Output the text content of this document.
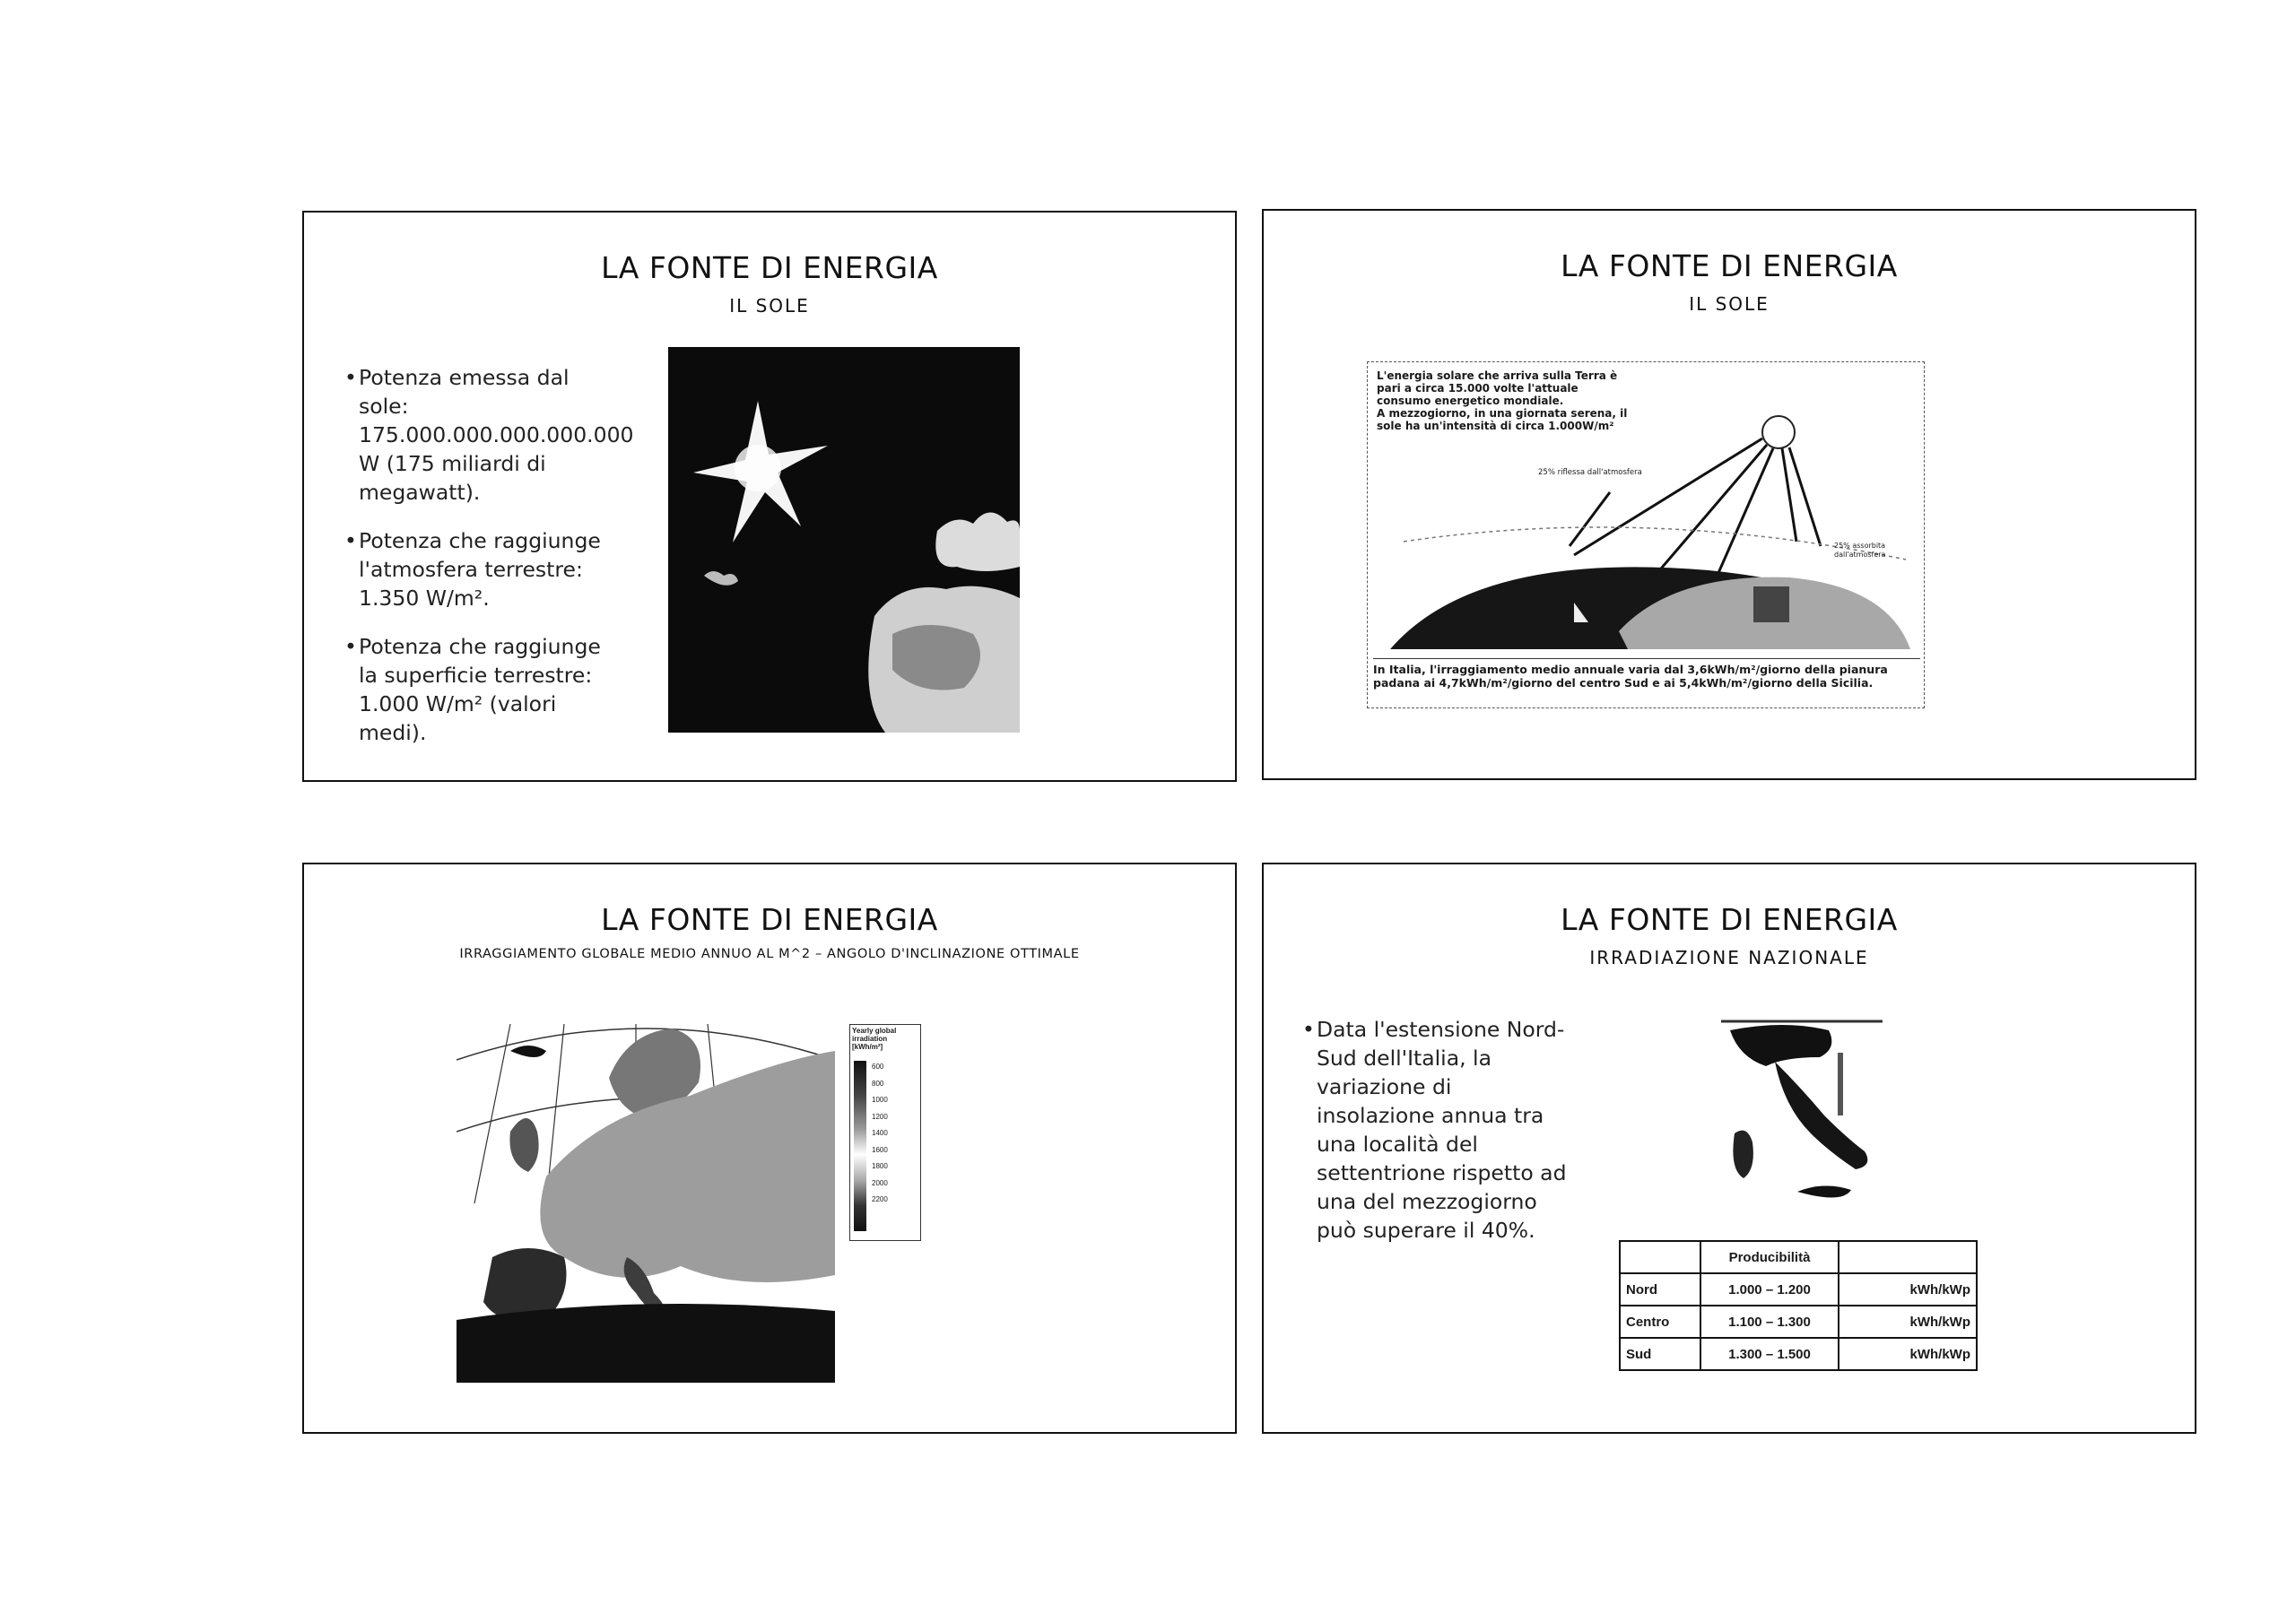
LA FONTE DI ENERGIA
IL SOLE
• Potenza emessa dal sole: 175.000.000.000.000.000 W (175 miliardi di megawatt).
• Potenza che raggiunge l'atmosfera terrestre: 1.350 W/m².
• Potenza che raggiunge la superficie terrestre: 1.000 W/m² (valori medi).
LA FONTE DI ENERGIA
IL SOLE
L'energia solare che arriva sulla Terra è
pari a circa 15.000 volte l'attuale
consumo energetico mondiale.
A mezzogiorno, in una giornata serena, il
sole ha un'intensità di circa 1.000W/m²
25% riflessa dall'atmosfera
25% assorbita dall'atmosfera
In Italia, l'irraggiamento medio annuale varia dal 3,6kWh/m²/giorno della pianura
padana ai 4,7kWh/m²/giorno del centro Sud e ai 5,4kWh/m²/giorno della Sicilia.
LA FONTE DI ENERGIA
IRRAGGIAMENTO GLOBALE MEDIO ANNUO AL M^2 – ANGOLO D'INCLINAZIONE OTTIMALE
Yearly global
irradiation
[kWh/m²]
600
800
1000
1200
1400
1600
1800
2000
2200
LA FONTE DI ENERGIA
IRRADIAZIONE NAZIONALE
• Data l'estensione Nord-Sud dell'Italia, la variazione di insolazione annua tra una località del settentrione rispetto ad una del mezzogiorno può superare il 40%.
	Producibilità	
Nord	1.000 – 1.200	kWh/kWp
Centro	1.100 – 1.300	kWh/kWp
Sud	1.300 – 1.500	kWh/kWp
